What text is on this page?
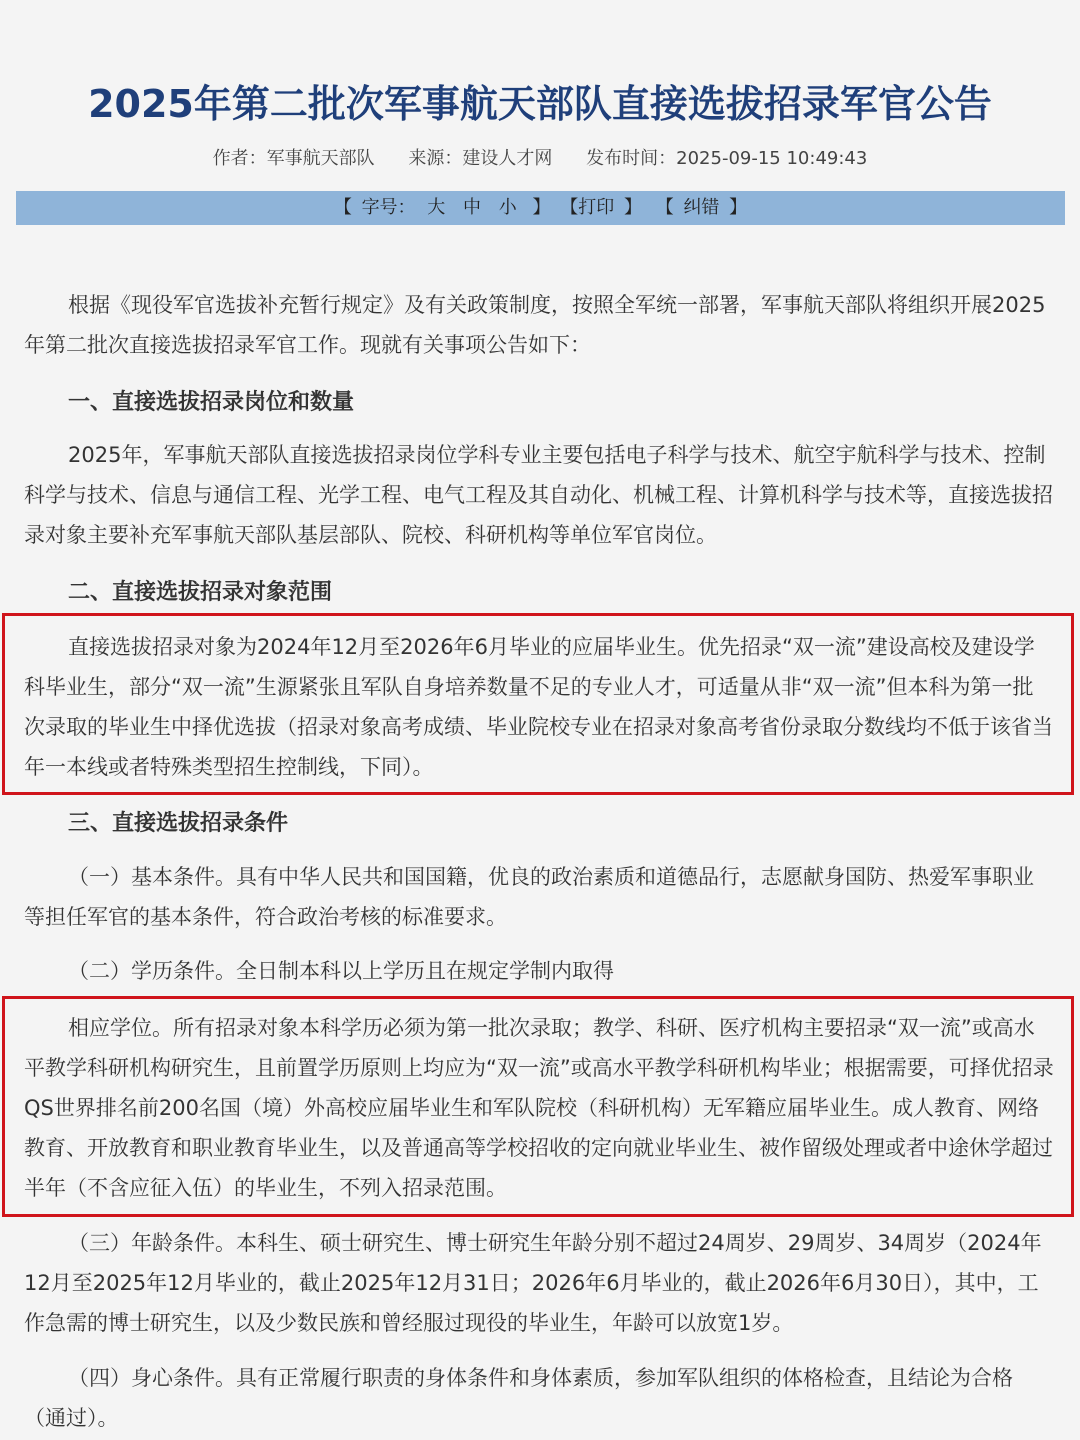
2025年第二批次军事航天部队直接选拔招录军官公告
作者：军事航天部队 来源：建设人才网 发布时间：2025-09-15 10:49:43
【 字号： 大 中 小 】 【打印 】 【 纠错 】

根据《现役军官选拔补充暂行规定》及有关政策制度，按照全军统一部署，军事航天部队将组织开展2025年第二批次直接选拔招录军官工作。现就有关事项公告如下：

一、直接选拔招录岗位和数量

2025年，军事航天部队直接选拔招录岗位学科专业主要包括电子科学与技术、航空宇航科学与技术、控制科学与技术、信息与通信工程、光学工程、电气工程及其自动化、机械工程、计算机科学与技术等，直接选拔招录对象主要补充军事航天部队基层部队、院校、科研机构等单位军官岗位。

二、直接选拔招录对象范围

直接选拔招录对象为2024年12月至2026年6月毕业的应届毕业生。优先招录“双一流”建设高校及建设学科毕业生，部分“双一流”生源紧张且军队自身培养数量不足的专业人才，可适量从非“双一流”但本科为第一批次录取的毕业生中择优选拔（招录对象高考成绩、毕业院校专业在招录对象高考省份录取分数线均不低于该省当年一本线或者特殊类型招生控制线，下同）。

三、直接选拔招录条件

（一）基本条件。具有中华人民共和国国籍，优良的政治素质和道德品行，志愿献身国防、热爱军事职业等担任军官的基本条件，符合政治考核的标准要求。

（二）学历条件。全日制本科以上学历且在规定学制内取得

相应学位。所有招录对象本科学历必须为第一批次录取；教学、科研、医疗机构主要招录“双一流”或高水平教学科研机构研究生，且前置学历原则上均应为“双一流”或高水平教学科研机构毕业；根据需要，可择优招录QS世界排名前200名国（境）外高校应届毕业生和军队院校（科研机构）无军籍应届毕业生。成人教育、网络教育、开放教育和职业教育毕业生，以及普通高等学校招收的定向就业毕业生、被作留级处理或者中途休学超过半年（不含应征入伍）的毕业生，不列入招录范围。

（三）年龄条件。本科生、硕士研究生、博士研究生年龄分别不超过24周岁、29周岁、34周岁（2024年12月至2025年12月毕业的，截止2025年12月31日；2026年6月毕业的，截止2026年6月30日），其中，工作急需的博士研究生，以及少数民族和曾经服过现役的毕业生，年龄可以放宽1岁。

（四）身心条件。具有正常履行职责的身体条件和身体素质，参加军队组织的体格检查，且结论为合格（通过）。
